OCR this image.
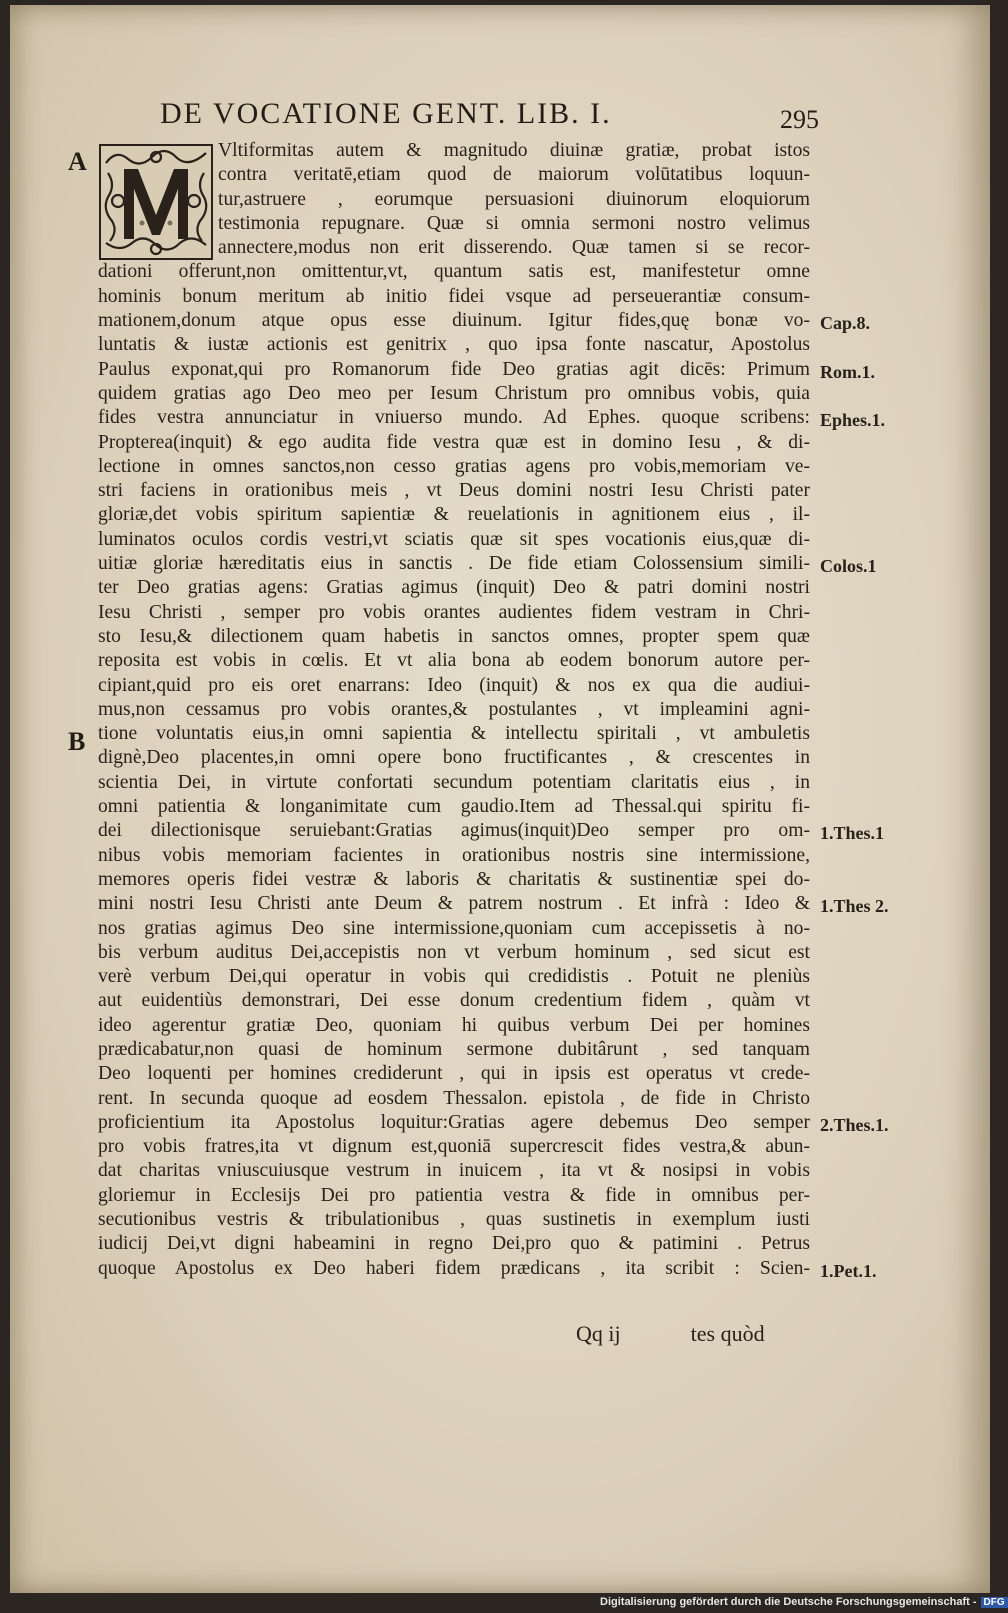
DE VOCATIONE GENT. LIB. I.	295
A
B
Vltiformitas autem & magnitudo diuinæ gratiæ, probat istos
contra veritatē,etiam quod de maiorum volūtatibus loquun-
tur,astruere , eorumque persuasioni diuinorum eloquiorum
testimonia repugnare. Quæ si omnia sermoni nostro velimus
annectere,modus non erit disserendo. Quæ tamen si se recor-
dationi offerunt,non omittentur,vt, quantum satis est, manifestetur omne
hominis bonum meritum ab initio fidei vsque ad perseuerantiæ consum-
mationem,donum atque opus esse diuinum. Igitur fides,quę bonæ vo-
luntatis & iustæ actionis est genitrix , quo ipsa fonte nascatur, Apostolus
Paulus exponat,qui pro Romanorum fide Deo gratias agit dicēs: Primum
quidem gratias ago Deo meo per Iesum Christum pro omnibus vobis, quia
fides vestra annunciatur in vniuerso mundo. Ad Ephes. quoque scribens:
Propterea(inquit) & ego audita fide vestra quæ est in domino Iesu , & di-
lectione in omnes sanctos,non cesso gratias agens pro vobis,memoriam ve-
stri faciens in orationibus meis , vt Deus domini nostri Iesu Christi pater
gloriæ,det vobis spiritum sapientiæ & reuelationis in agnitionem eius , il-
luminatos oculos cordis vestri,vt sciatis quæ sit spes vocationis eius,quæ di-
uitiæ gloriæ hæreditatis eius in sanctis . De fide etiam Colossensium simili-
ter Deo gratias agens: Gratias agimus (inquit) Deo & patri domini nostri
Iesu Christi , semper pro vobis orantes audientes fidem vestram in Chri-
sto Iesu,& dilectionem quam habetis in sanctos omnes, propter spem quæ
reposita est vobis in cœlis. Et vt alia bona ab eodem bonorum autore per-
cipiant,quid pro eis oret enarrans: Ideo (inquit) & nos ex qua die audiui-
mus,non cessamus pro vobis orantes,& postulantes , vt impleamini agni-
tione voluntatis eius,in omni sapientia & intellectu spiritali , vt ambuletis
dignè,Deo placentes,in omni opere bono fructificantes , & crescentes in
scientia Dei, in virtute confortati secundum potentiam claritatis eius , in
omni patientia & longanimitate cum gaudio.Item ad Thessal.qui spiritu fi-
dei dilectionisque seruiebant:Gratias agimus(inquit)Deo semper pro om-
nibus vobis memoriam facientes in orationibus nostris sine intermissione,
memores operis fidei vestræ & laboris & charitatis & sustinentiæ spei do-
mini nostri Iesu Christi ante Deum & patrem nostrum . Et infrà : Ideo &
nos gratias agimus Deo sine intermissione,quoniam cum accepissetis à no-
bis verbum auditus Dei,accepistis non vt verbum hominum , sed sicut est
verè verbum Dei,qui operatur in vobis qui credidistis . Potuit ne pleniùs
aut euidentiùs demonstrari, Dei esse donum credentium fidem , quàm vt
ideo agerentur gratiæ Deo, quoniam hi quibus verbum Dei per homines
prædicabatur,non quasi de hominum sermone dubitârunt , sed tanquam
Deo loquenti per homines crediderunt , qui in ipsis est operatus vt crede-
rent. In secunda quoque ad eosdem Thessalon. epistola , de fide in Christo
proficientium ita Apostolus loquitur:Gratias agere debemus Deo semper
pro vobis fratres,ita vt dignum est,quoniā supercrescit fides vestra,& abun-
dat charitas vniuscuiusque vestrum in inuicem , ita vt & nosipsi in vobis
gloriemur in Ecclesijs Dei pro patientia vestra & fide in omnibus per-
secutionibus vestris & tribulationibus , quas sustinetis in exemplum iusti
iudicij Dei,vt digni habeamini in regno Dei,pro quo & patimini . Petrus
quoque Apostolus ex Deo haberi fidem prædicans , ita scribit : Scien-
Cap.8.
Rom.1.
Ephes.1.
Colos.1
1.Thes.1
1.Thes 2.
2.Thes.1.
1.Pet.1.
Qq ij	tes quòd
Digitalisierung gefördert durch die Deutsche Forschungsgemeinschaft - DFG
